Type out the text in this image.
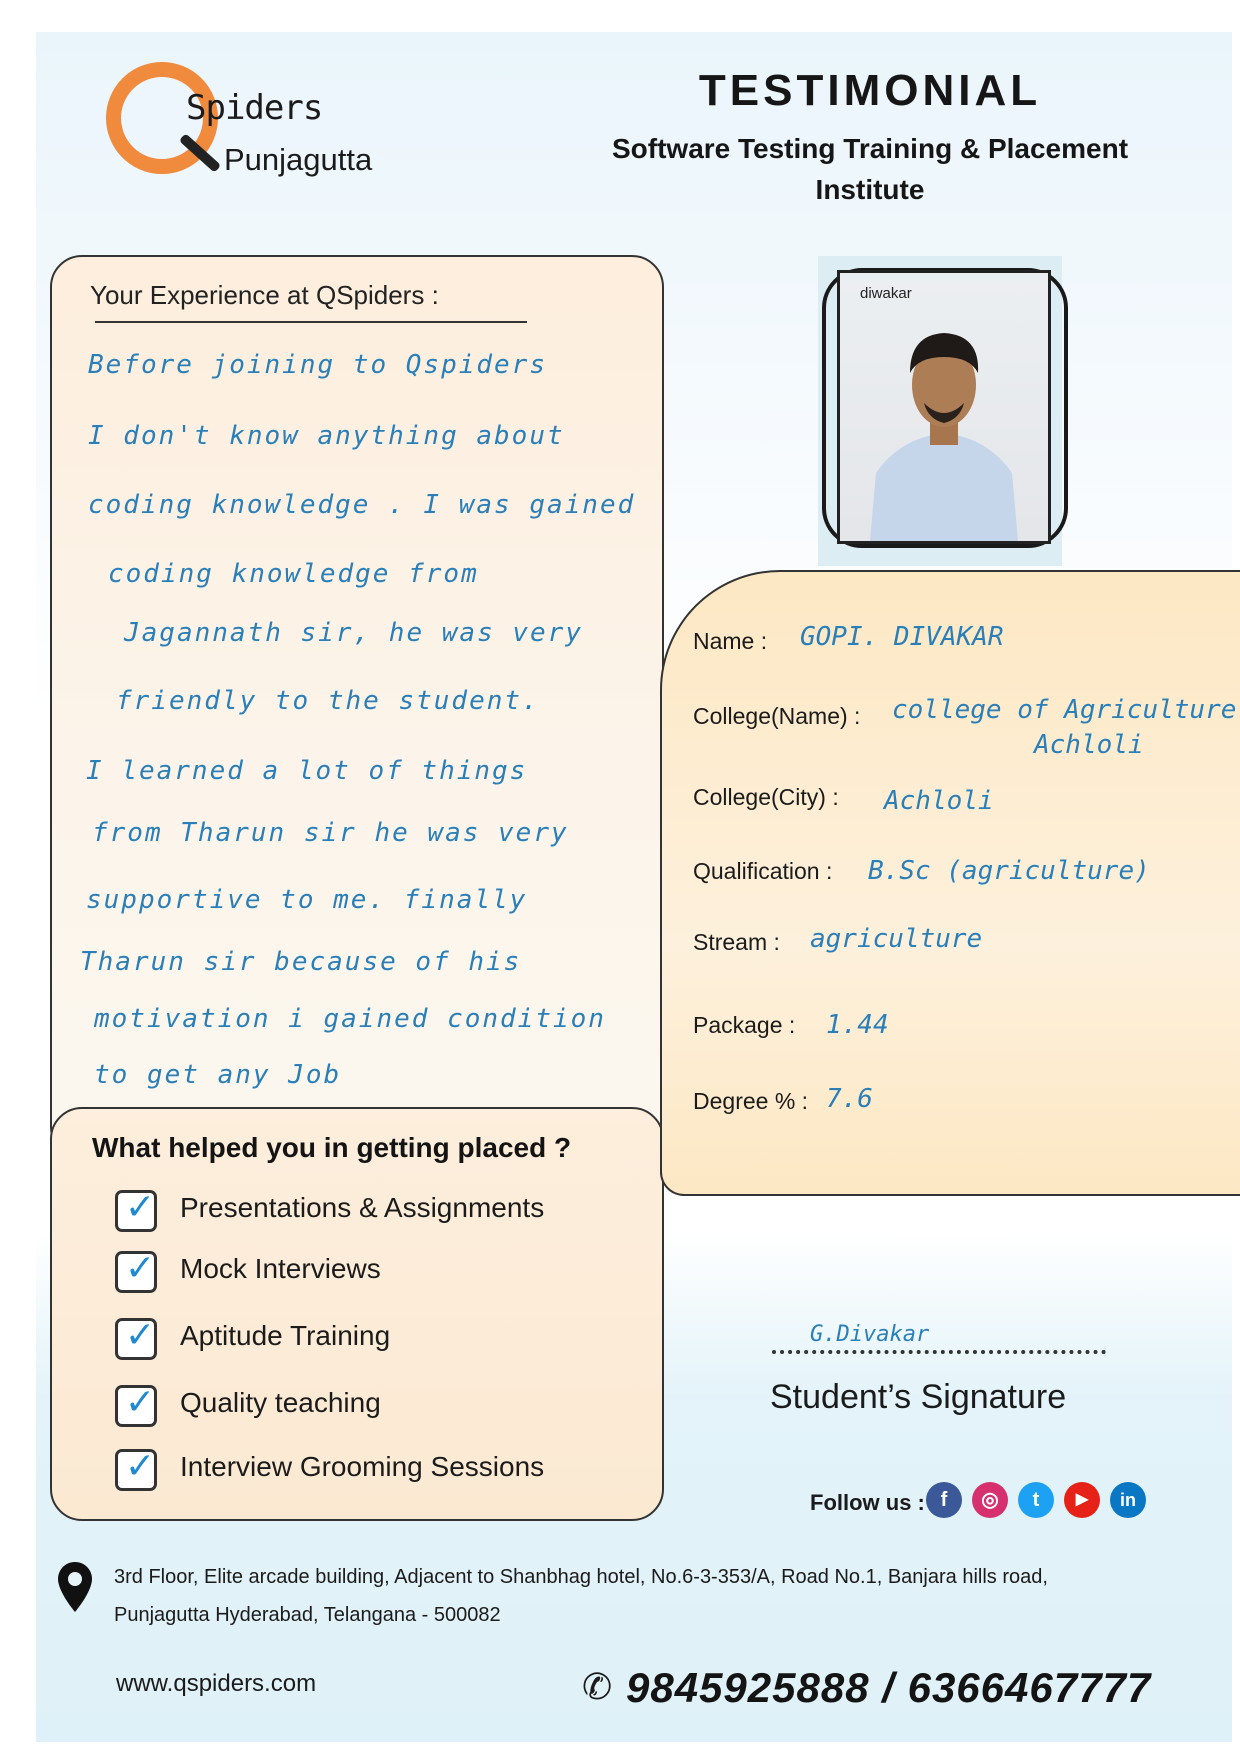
Spiders
Punjagutta
TESTIMONIAL
Software Testing Training & Placement
Institute
Your Experience at QSpiders :
Before joining to Qspiders
I don't know anything about
coding knowledge . I was gained
coding knowledge from
Jagannath sir, he was very
friendly to the student.
I learned a lot of things
from Tharun sir he was very
supportive to me. finally
Tharun sir because of his
motivation i gained condition
to get any Job
What helped you in getting placed ?
✓ Presentations & Assignments
✓ Mock Interviews
✓ Aptitude Training
✓ Quality teaching
✓ Interview Grooming Sessions
diwakar
Name : GOPI. DIVAKAR
College(Name) : college of Agriculture
Achloli
College(City) : Achloli
Qualification : B.Sc (agriculture)
Stream : agriculture
Package : 1.44
Degree % : 7.6
G.Divakar
Student’s Signature
Follow us : f	◎	t	▶	in
3rd Floor, Elite arcade building, Adjacent to Shanbhag hotel, No.6-3-353/A, Road No.1, Banjara hills road,
Punjagutta Hyderabad, Telangana - 500082
www.qspiders.com	✆ 9845925888 / 6366467777
